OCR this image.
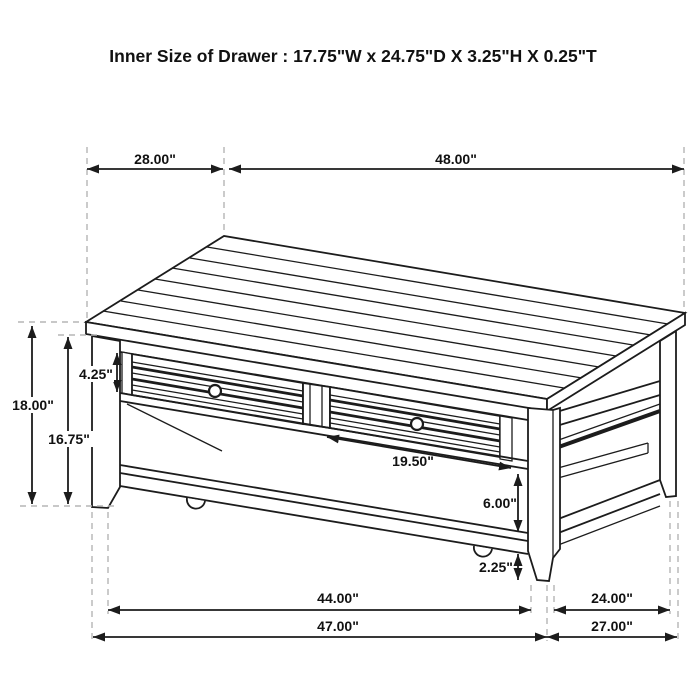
Inner Size of Drawer : 17.75"W x 24.75"D X 3.25"H X 0.25"T
28.00"	48.00"
18.00"
16.75"
4.25"
19.50"
6.00"
2.25"
44.00"	24.00"
47.00"	27.00"
